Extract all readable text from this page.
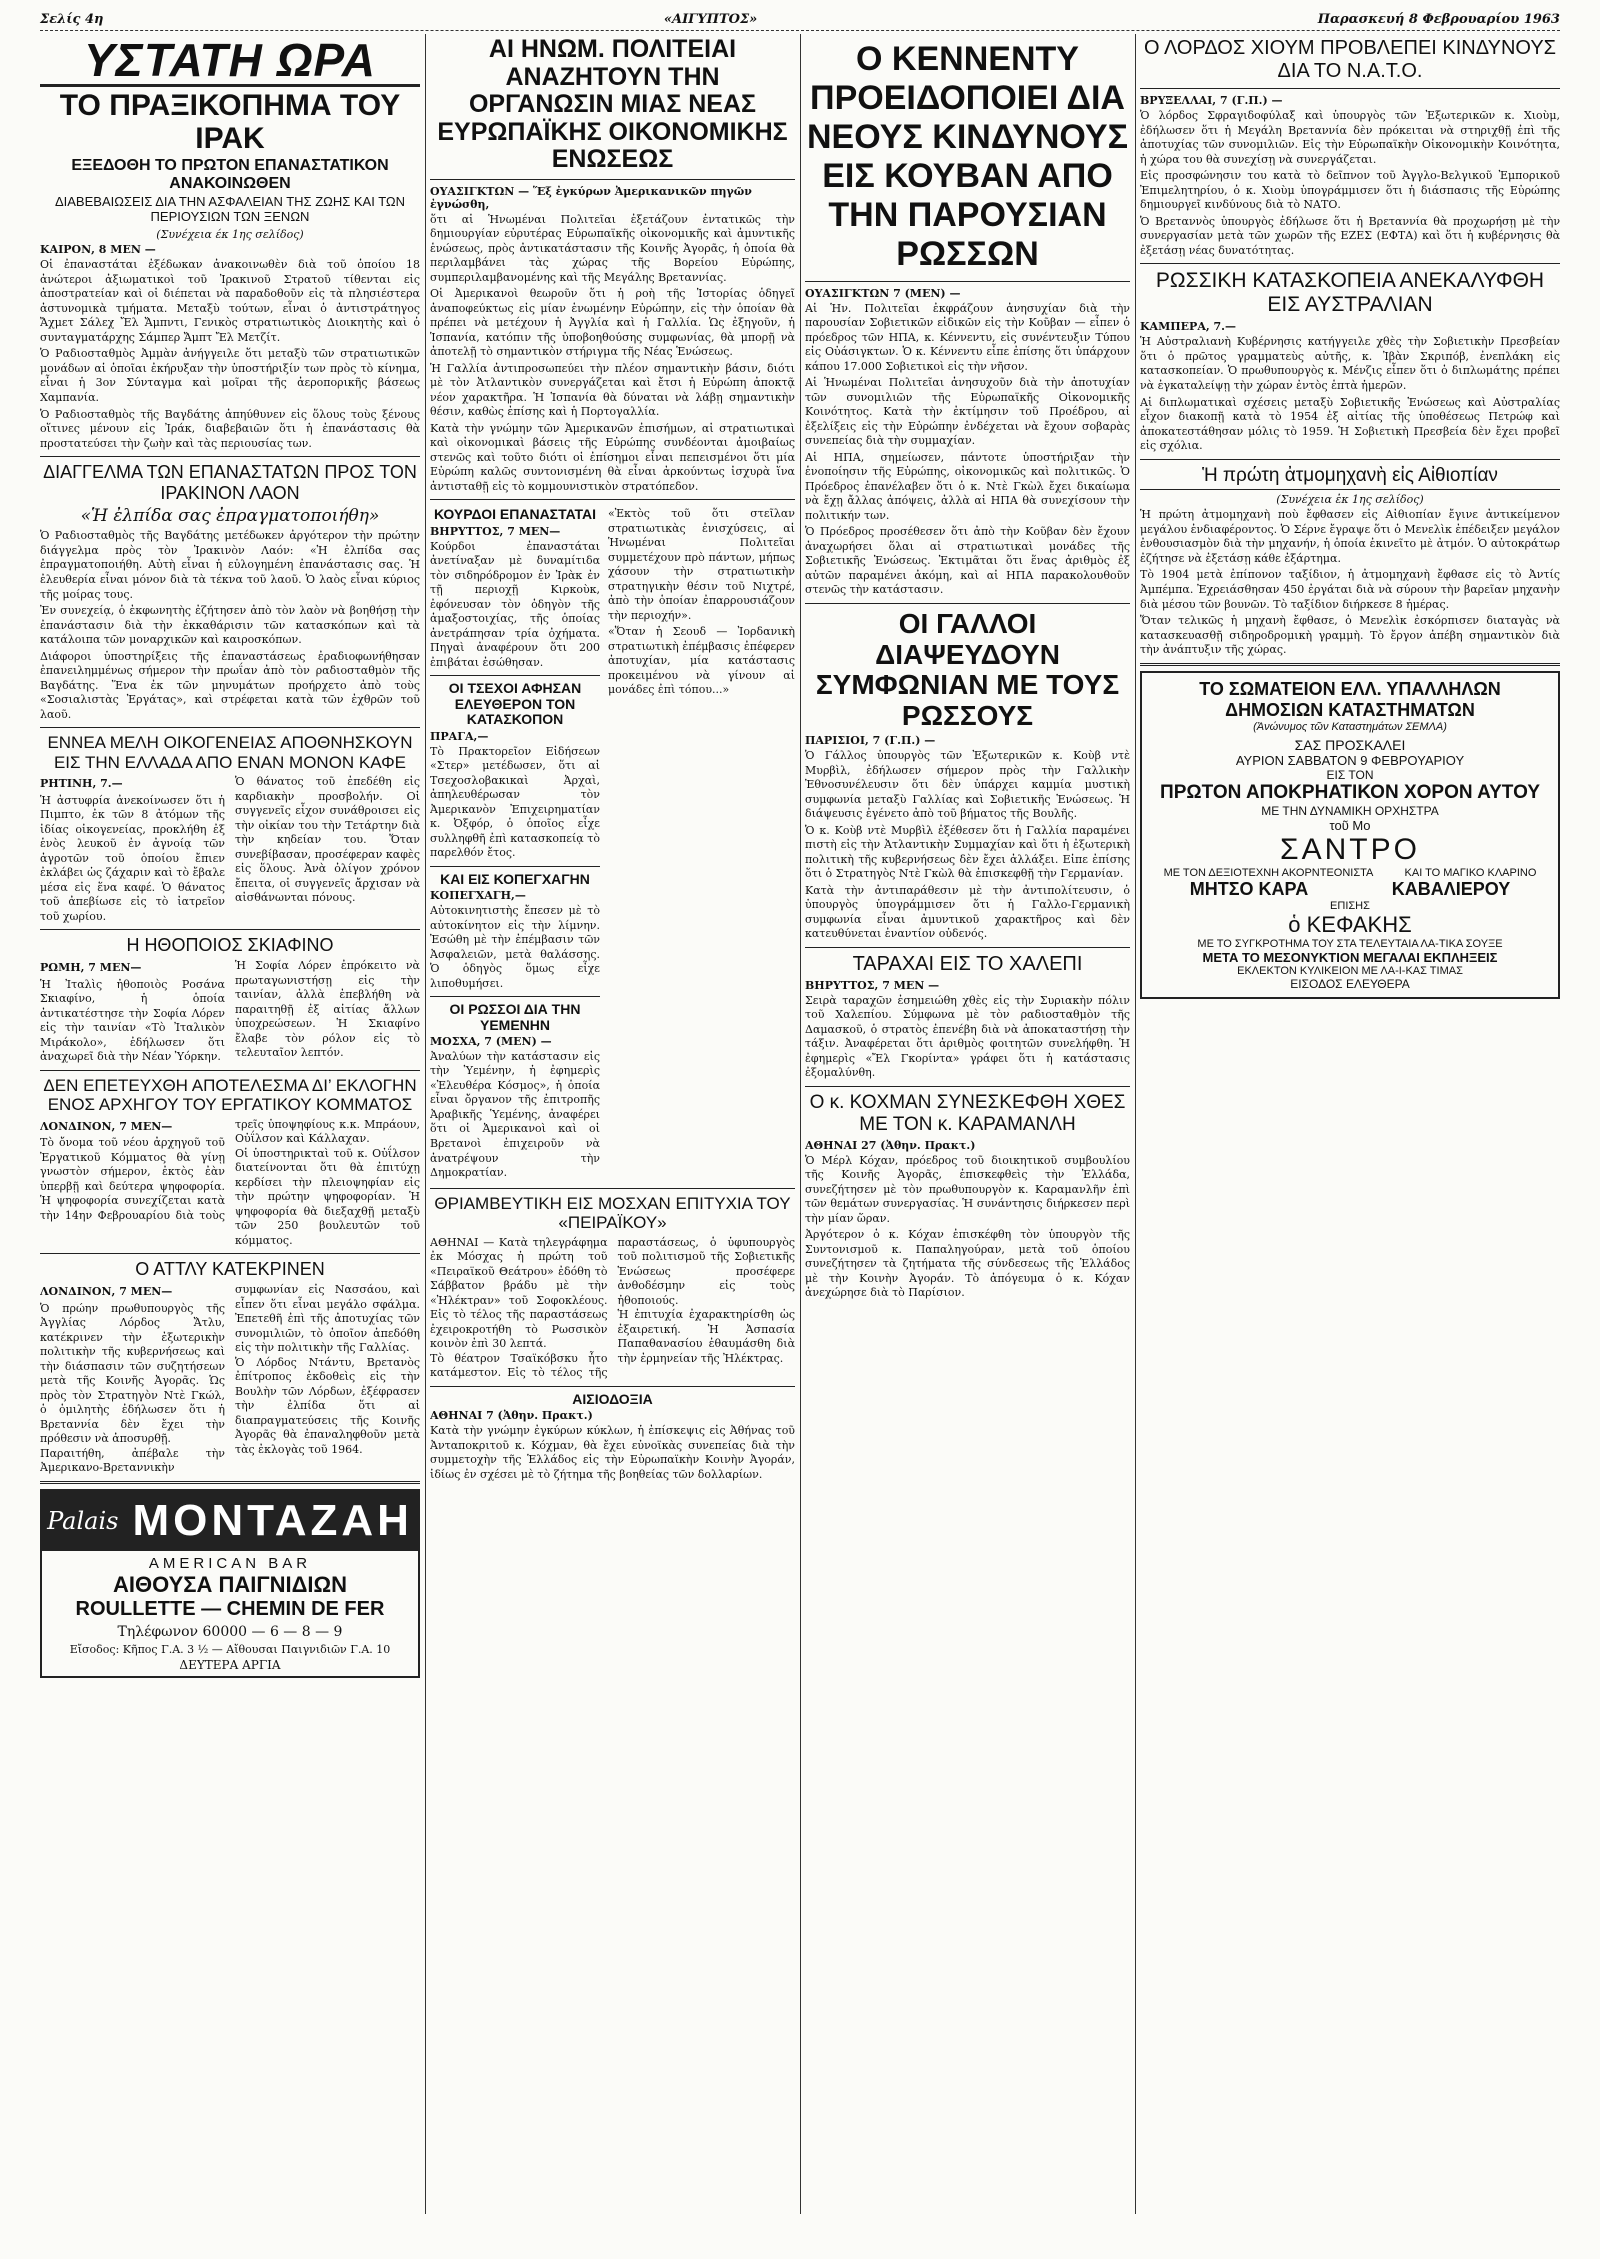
Σελίς 4η	«ΑΙΓΥΠΤΟΣ»	Παρασκευή 8 Φεβρουαρίου 1963
ΥΣΤΑΤΗ ΩΡΑ
ΤΟ ΠΡΑΞΙΚΟΠΗΜΑ ΤΟΥ ΙΡΑΚ
ΕΞΕΔΟΘΗ ΤΟ ΠΡΩΤΟΝ ΕΠΑΝΑΣΤΑΤΙΚΟΝ ΑΝΑΚΟΙΝΩΘΕΝ
ΔΙΑΒΕΒΑΙΩΣΕΙΣ ΔΙΑ ΤΗΝ ΑΣΦΑΛΕΙΑΝ ΤΗΣ ΖΩΗΣ ΚΑΙ ΤΩΝ ΠΕΡΙΟΥΣΙΩΝ ΤΩΝ ΞΕΝΩΝ
(Συνέχεια έκ 1ης σελίδος)
ΚΑΙΡΟΝ, 8 ΜΕΝ —

Οἱ ἐπαναστάται ἐξέδωκαν ἀνακοινωθὲν διὰ τοῦ ὁποίου 18 ἀνώτεροι ἀξιωματικοὶ τοῦ Ἰρακινοῦ Στρατοῦ τίθενται εἰς ἀποστρατείαν καὶ οἱ διέπεται νὰ παραδοθοῦν εἰς τὰ πλησιέστερα ἀστυνομικὰ τμήματα. Μεταξὺ τούτων, εἶναι ὁ ἀντιστράτηγος Ἄχμετ Σάλεχ Ἔλ Ἄμπντι, Γενικὸς στρατιωτικὸς Διοικητὴς καὶ ὁ συνταγματάρχης Σάμπερ Ἄμπτ Ἔλ Μετζίτ.

Ὁ Ραδιοσταθμὸς Ἀμμὰν ἀνήγγειλε ὅτι μεταξὺ τῶν στρατιωτικῶν μονάδων αἱ ὁποῖαι ἐκήρυξαν τὴν ὑποστήριξίν των πρὸς τὸ κίνημα, εἶναι ἡ 3ον Σύνταγμα καὶ μοῖραι τῆς ἀεροπορικῆς βάσεως Χαμπανία.

Ὁ Ραδιοσταθμὸς τῆς Βαγδάτης ἀπηύθυνεν εἰς ὅλους τοὺς ξένους οἵτινες μένουν εἰς Ἰράκ, διαβεβαιῶν ὅτι ἡ ἐπανάστασις θὰ προστατεύσει τὴν ζωὴν καὶ τὰς περιουσίας των.

ΔΙΑΓΓΕΛΜΑ ΤΩΝ ΕΠΑΝΑΣΤΑΤΩΝ ΠΡΟΣ ΤΟΝ ΙΡΑΚΙΝΟΝ ΛΑΟΝ
«Ἡ ἐλπίδα σας ἐπραγματοποιήθη»

Ὁ Ραδιοσταθμὸς τῆς Βαγδάτης μετέδωκεν ἀργότερον τὴν πρώτην διάγγελμα πρὸς τὸν Ἰρακινὸν Λαόν: «Ἡ ἐλπίδα σας ἐπραγματοποιήθη. Αὐτὴ εἶναι ἡ εὐλογημένη ἐπανάστασις σας. Ἡ ἐλευθερία εἶναι μόνον διὰ τὰ τέκνα τοῦ λαοῦ. Ὁ λαὸς εἶναι κύριος τῆς μοίρας τους.

Ἐν συνεχείᾳ, ὁ ἐκφωνητὴς ἐζήτησεν ἀπὸ τὸν λαὸν νὰ βοηθήσῃ τὴν ἐπανάστασιν διὰ τὴν ἐκκαθάρισιν τῶν κατασκόπων καὶ τὰ κατάλοιπα τῶν μοναρχικῶν καὶ καιροσκόπων.

Διάφοροι ὑποστηρίξεις τῆς ἐπαναστάσεως ἐραδιοφωνήθησαν ἐπανειλημμένως σήμερον τὴν πρωΐαν ἀπὸ τὸν ραδιοσταθμὸν τῆς Βαγδάτης. Ἕνα ἐκ τῶν μηνυμάτων προήρχετο ἀπὸ τοὺς «Σοσιαλιστὰς Ἐργάτας», καὶ στρέφεται κατὰ τῶν ἐχθρῶν τοῦ λαοῦ.

ΕΝΝΕΑ ΜΕΛΗ ΟΙΚΟΓΕΝΕΙΑΣ ΑΠΟΘΝΗΣΚΟΥΝ ΕΙΣ ΤΗΝ ΕΛΛΑΔΑ ΑΠΟ ΕΝΑΝ ΜΟΝΟΝ ΚΑΦΕ
ΡΗΤΙΝΗ, 7.—
Ἡ ἀστυφρία ἀνεκοίνωσεν ὅτι ἡ Πιμπτο, ἐκ τῶν 8 ἀτόμων τῆς ἰδίας οἰκογενείας, προκλήθη ἐξ ἑνὸς λευκοῦ ἐν ἀγνοίᾳ τῶν ἀγροτῶν τοῦ ὁποίου ἔπιεν ἐκλάβει ὡς ζάχαριν καὶ τὸ ἔβαλε μέσα εἰς ἕνα καφέ. Ὁ θάνατος τοῦ ἀπεβίωσε εἰς τὸ ἰατρεῖον τοῦ χωρίου.
Ὁ θάνατος τοῦ ἐπεδέθη εἰς καρδιακὴν προσβολήν. Οἱ συγγενεῖς εἶχον συνάθροισει εἰς τὴν οἰκίαν του τὴν Τετάρτην διὰ τὴν κηδείαν του. Ὅταν συνεβίβασαν, προσέφεραν καφὲς εἰς ὅλους. Ἀνὰ ὀλίγον χρόνον ἔπειτα, οἱ συγγενεῖς ἄρχισαν νὰ αἰσθάνωνται πόνους.
Η ΗΘΟΠΟΙΟΣ ΣΚΙΑΦΙΝΟ
ΡΩΜΗ, 7 ΜΕΝ—
Ἡ Ἰταλὶς ἠθοποιὸς Ροσάνα Σκιαφίνο, ἡ ὁποία ἀντικατέστησε τὴν Σοφία Λόρεν εἰς τὴν ταινίαν «Τὸ Ἰταλικὸν Μιράκολο», ἐδήλωσεν ὅτι ἀναχωρεῖ διὰ τὴν Νέαν Ὑόρκην.
Ἡ Σοφία Λόρεν ἐπρόκειτο νὰ πρωταγωνιστήσῃ εἰς τὴν ταινίαν, ἀλλὰ ἐπεβλήθη νὰ παραιτηθῇ ἐξ αἰτίας ἄλλων ὑποχρεώσεων. Ἡ Σκιαφίνο ἔλαβε τὸν ρόλον εἰς τὸ τελευταῖον λεπτόν.
ΔΕΝ ΕΠΕΤΕΥΧΘΗ ΑΠΟΤΕΛΕΣΜΑ ΔΙ’ ΕΚΛΟΓΗΝ ΕΝΟΣ ΑΡΧΗΓΟΥ ΤΟΥ ΕΡΓΑΤΙΚΟΥ ΚΟΜΜΑΤΟΣ
ΛΟΝΔΙΝΟΝ, 7 ΜΕΝ—
Τὸ ὄνομα τοῦ νέου ἀρχηγοῦ τοῦ Ἐργατικοῦ Κόμματος θὰ γίνῃ γνωστὸν σήμερον, ἐκτὸς ἐὰν ὑπερβῇ καὶ δεύτερα ψηφοφορία. Ἡ ψηφοφορία συνεχίζεται κατὰ τὴν 14ην Φεβρουαρίου διὰ τοὺς τρεῖς ὑποψηφίους κ.κ. Μπράουν, Οὐΐλσον καὶ Κάλλαχαν.
Οἱ ὑποστηρικταὶ τοῦ κ. Οὐΐλσον διατείνονται ὅτι θὰ ἐπιτύχῃ κερδίσει τὴν πλειοψηφίαν εἰς τὴν πρώτην ψηφοφορίαν. Ἡ ψηφοφορία θὰ διεξαχθῇ μεταξὺ τῶν 250 βουλευτῶν τοῦ κόμματος.
Ο ΑΤΤΛΥ ΚΑΤΕΚΡΙΝΕΝ
ΛΟΝΔΙΝΟΝ, 7 ΜΕΝ—
Ὁ πρώην πρωθυπουργὸς τῆς Ἀγγλίας Λόρδος Ἄτλυ, κατέκρινεν τὴν ἐξωτερικὴν πολιτικὴν τῆς κυβερνήσεως καὶ τὴν διάσπασιν τῶν συζητήσεων μετὰ τῆς Κοινῆς Ἀγορᾶς. Ὡς πρὸς τὸν Στρατηγὸν Ντὲ Γκώλ, ὁ ὁμιλητὴς ἐδήλωσεν ὅτι ἡ Βρεταννία δὲν ἔχει τὴν πρόθεσιν νὰ ἀποσυρθῇ.
Παραιτήθη, ἀπέβαλε τὴν Ἀμερικανο-Βρεταννικὴν συμφωνίαν εἰς Νασσάου, καὶ εἶπεν ὅτι εἶναι μεγάλο σφάλμα. Ἐπετεθῆ ἐπὶ τῆς ἀποτυχίας τῶν συνομιλιῶν, τὸ ὁποῖον ἀπεδόθη εἰς τὴν πολιτικὴν τῆς Γαλλίας.
Ὁ Λόρδος Ντάντυ, Βρετανὸς ἐπίτροπος ἐκδοθεὶς εἰς τὴν Βουλὴν τῶν Λόρδων, ἐξέφρασεν τὴν ἐλπίδα ὅτι αἱ διαπραγματεύσεις τῆς Κοινῆς Ἀγορᾶς θὰ ἐπαναληφθοῦν μετὰ τὰς ἐκλογὰς τοῦ 1964.
Palais ΜΟΝΤΑΖΑΗ
AMERICAN BAR
ΑΙΘΟΥΣΑ ΠΑΙΓΝΙΔΙΩΝ
ROULLETTE — CHEMIN DE FER
Τηλέφωνον 60000 — 6 — 8 — 9
Εἴσοδος: Κῆπος Γ.Α. 3 ½ — Αἴθουσαι Παιγνιδιῶν Γ.Α. 10
ΔΕΥΤΕΡΑ ΑΡΓΙΑ
ΑΙ ΗΝΩΜ. ΠΟΛΙΤΕΙΑΙ ΑΝΑΖΗΤΟΥΝ ΤΗΝ ΟΡΓΑΝΩΣΙΝ ΜΙΑΣ ΝΕΑΣ ΕΥΡΩΠΑΪΚΗΣ ΟΙΚΟΝΟΜΙΚΗΣ ΕΝΩΣΕΩΣ
ΟΥΑΣΙΓΚΤΩΝ — Ἕξ ἐγκύρων Ἀμερικανικῶν πηγῶν ἐγνώσθη,

ὅτι αἱ Ἡνωμέναι Πολιτεῖαι ἐξετάζουν ἐντατικῶς τὴν δημιουργίαν εὐρυτέρας Εὐρωπαϊκῆς οἰκονομικῆς καὶ ἀμυντικῆς ἑνώσεως, πρὸς ἀντικατάστασιν τῆς Κοινῆς Ἀγορᾶς, ἡ ὁποία θὰ περιλαμβάνει τὰς χώρας τῆς Βορείου Εὐρώπης, συμπεριλαμβανομένης καὶ τῆς Μεγάλης Βρεταννίας.

Οἱ Ἀμερικανοὶ θεωροῦν ὅτι ἡ ροὴ τῆς Ἱστορίας ὁδηγεῖ ἀναποφεύκτως εἰς μίαν ἑνωμένην Εὐρώπην, εἰς τὴν ὁποίαν θὰ πρέπει νὰ μετέχουν ἡ Ἀγγλία καὶ ἡ Γαλλία. Ὡς ἐξηγοῦν, ἡ Ἱσπανία, κατόπιν τῆς ὑποβοηθούσης συμφωνίας, θὰ μπορῇ νὰ ἀποτελῇ τὸ σημαντικὸν στήριγμα τῆς Νέας Ἑνώσεως.

Ἡ Γαλλία ἀντιπροσωπεύει τὴν πλέον σημαντικὴν βάσιν, διότι μὲ τὸν Ἀτλαντικὸν συνεργάζεται καὶ ἔτσι ἡ Εὐρώπη ἀποκτᾷ νέον χαρακτῆρα. Ἡ Ἱσπανία θὰ δύναται νὰ λάβῃ σημαντικὴν θέσιν, καθὼς ἐπίσης καὶ ἡ Πορτογαλλία.

Κατὰ τὴν γνώμην τῶν Ἀμερικανῶν ἐπισήμων, αἱ στρατιωτικαὶ καὶ οἰκονομικαὶ βάσεις τῆς Εὐρώπης συνδέονται ἀμοιβαίως στενῶς καὶ τοῦτο διότι οἱ ἐπίσημοι εἶναι πεπεισμένοι ὅτι μία Εὐρώπη καλῶς συντονισμένη θὰ εἶναι ἀρκούντως ἰσχυρὰ ἵνα ἀντισταθῇ εἰς τὸ κομμουνιστικὸν στρατόπεδον.

ΚΟΥΡΔΟΙ ΕΠΑΝΑΣΤΑΤΑΙ
ΒΗΡΥΤΤΟΣ, 7 ΜΕΝ—

Κούρδοι ἐπαναστάται ἀνετίναξαν μὲ δυναμίτιδα τὸν σιδηρόδρομον ἐν Ἰρὰκ ἐν τῇ περιοχῇ Κιρκοὺκ, ἐφόνευσαν τὸν ὁδηγὸν τῆς ἁμαξοστοιχίας, τῆς ὁποίας ἀνετράπησαν τρία ὀχήματα. Πηγαὶ ἀναφέρουν ὅτι 200 ἐπιβάται ἐσώθησαν.

ΟΙ ΤΣΕΧΟΙ ΑΦΗΣΑΝ ΕΛΕΥΘΕΡΟΝ ΤΟΝ ΚΑΤΑΣΚΟΠΟΝ
ΠΡΑΓΑ,—

Τὸ Πρακτορεῖον Εἰδήσεων «Στερ» μετέδωσεν, ὅτι αἱ Τσεχοσλοβακικαὶ Ἀρχαὶ, ἀπηλευθέρωσαν τὸν Ἀμερικανὸν Ἐπιχειρηματίαν κ. Ὀξφόρ, ὁ ὁποῖος εἶχε συλληφθῆ ἐπὶ κατασκοπείᾳ τὸ παρελθόν ἔτος.

ΚΑΙ ΕΙΣ ΚΟΠΕΓΧΑΓΗΝ
ΚΟΠΕΓΧΑΓΗ,—

Αὐτοκινητιστὴς ἔπεσεν μὲ τὸ αὐτοκίνητον εἰς τὴν λίμνην. Ἐσώθη μὲ τὴν ἐπέμβασιν τῶν Ἀσφαλειῶν, μετὰ θαλάσσης. Ὁ ὁδηγὸς ὅμως εἶχε λιποθυμήσει.

ΟΙ ΡΩΣΣΟΙ ΔΙΑ ΤΗΝ ΥΕΜΕΝΗΝ
ΜΟΣΧΑ, 7 (ΜΕΝ) —

Ἀναλύων τὴν κατάστασιν εἰς τὴν Ὑεμένην, ἡ ἐφημερὶς «Ἐλευθέρα Κόσμος», ἡ ὁποία εἶναι ὄργανον τῆς ἐπιτροπῆς Ἀραβικῆς Ὑεμένης, ἀναφέρει ὅτι οἱ Ἀμερικανοὶ καὶ οἱ Βρετανοὶ ἐπιχειροῦν νὰ ἀνατρέψουν τὴν Δημοκρατίαν.

«Ἐκτὸς τοῦ ὅτι στεῖλαν στρατιωτικὰς ἐνισχύσεις, αἱ Ἡνωμέναι Πολιτεῖαι συμμετέχουν πρὸ πάντων, μήπως χάσουν τὴν στρατιωτικὴν στρατηγικὴν θέσιν τοῦ Νιχτρέ, ἀπὸ τὴν ὁποίαν ἐπαρρουσιάζουν τὴν περιοχήν».

«Ὅταν ἡ Σεουδ — Ἰορδανικὴ στρατιωτικὴ ἐπέμβασις ἐπέφερεν ἀποτυχίαν, μία κατάστασις προκειμένου νὰ γίνουν αἱ μονάδες ἐπὶ τόπου...»

ΘΡΙΑΜΒΕΥΤΙΚΗ ΕΙΣ ΜΟΣΧΑΝ ΕΠΙΤΥΧΙΑ ΤΟΥ «ΠΕΙΡΑΪΚΟΥ»
ΑΘΗΝΑΙ — Κατὰ τηλεγράφημα ἐκ Μόσχας ἡ πρώτη τοῦ «Πειραϊκοῦ Θεάτρου» ἐδόθη τὸ Σάββατον βράδυ μὲ τὴν «Ἠλέκτραν» τοῦ Σοφοκλέους. Εἰς τὸ τέλος τῆς παραστάσεως ἐχειροκροτήθη τὸ Ρωσσικὸν κοινὸν ἐπὶ 30 λεπτά.
Τὸ θέατρον Τσαϊκόβσκυ ἦτο κατάμεστον. Εἰς τὸ τέλος τῆς παραστάσεως, ὁ ὑφυπουργὸς τοῦ πολιτισμοῦ τῆς Σοβιετικῆς Ἑνώσεως προσέφερε ἀνθοδέσμην εἰς τοὺς ἠθοποιούς.
Ἡ ἐπιτυχία ἐχαρακτηρίσθη ὡς ἐξαιρετική. Ἡ Ἀσπασία Παπαθανασίου ἐθαυμάσθη διὰ τὴν ἐρμηνείαν τῆς Ἠλέκτρας.
ΑΙΣΙΟΔΟΞΙΑ
ΑΘΗΝΑΙ 7 (Ἀθην. Πρακτ.)

Κατὰ τὴν γνώμην ἐγκύρων κύκλων, ἡ ἐπίσκεψις εἰς Ἀθήνας τοῦ Ἀνταποκριτοῦ κ. Κόχμαν, θὰ ἔχει εὐνοϊκὰς συνεπείας διὰ τὴν συμμετοχὴν τῆς Ἑλλάδος εἰς τὴν Εὐρωπαϊκὴν Κοινὴν Ἀγοράν, ἰδίως ἐν σχέσει μὲ τὸ ζήτημα τῆς βοηθείας τῶν δολλαρίων.

Ο ΚΕΝΝΕΝΤΥ ΠΡΟΕΙΔΟΠΟΙΕΙ ΔΙΑ ΝΕΟΥΣ ΚΙΝΔΥΝΟΥΣ ΕΙΣ ΚΟΥΒΑΝ ΑΠΟ ΤΗΝ ΠΑΡΟΥΣΙΑΝ ΡΩΣΣΩΝ
ΟΥΑΣΙΓΚΤΩΝ 7 (ΜΕΝ) —

Αἱ Ἡν. Πολιτεῖαι ἐκφράζουν ἀνησυχίαν διὰ τὴν παρουσίαν Σοβιετικῶν εἰδικῶν εἰς τὴν Κοῦβαν — εἶπεν ὁ πρόεδρος τῶν ΗΠΑ, κ. Κέννεντυ, εἰς συνέντευξιν Τύπου εἰς Οὐάσιγκτων. Ὁ κ. Κέννεντυ εἶπε ἐπίσης ὅτι ὑπάρχουν κάπου 17.000 Σοβιετικοὶ εἰς τὴν νῆσον.

Αἱ Ἡνωμέναι Πολιτεῖαι ἀνησυχοῦν διὰ τὴν ἀποτυχίαν τῶν συνομιλιῶν τῆς Εὐρωπαϊκῆς Οἰκονομικῆς Κοινότητος. Κατὰ τὴν ἐκτίμησιν τοῦ Προέδρου, αἱ ἐξελίξεις εἰς τὴν Εὐρώπην ἐνδέχεται νὰ ἔχουν σοβαρὰς συνεπείας διὰ τὴν συμμαχίαν.

Αἱ ΗΠΑ, σημείωσεν, πάντοτε ὑποστήριξαν τὴν ἑνοποίησιν τῆς Εὐρώπης, οἰκονομικῶς καὶ πολιτικῶς. Ὁ Πρόεδρος ἐπανέλαβεν ὅτι ὁ κ. Ντὲ Γκὼλ ἔχει δικαίωμα νὰ ἔχῃ ἄλλας ἀπόψεις, ἀλλὰ αἱ ΗΠΑ θὰ συνεχίσουν τὴν πολιτικήν των.

Ὁ Πρόεδρος προσέθεσεν ὅτι ἀπὸ τὴν Κοῦβαν δὲν ἔχουν ἀναχωρήσει ὅλαι αἱ στρατιωτικαὶ μονάδες τῆς Σοβιετικῆς Ἑνώσεως. Ἐκτιμᾶται ὅτι ἕνας ἀριθμὸς ἐξ αὐτῶν παραμένει ἀκόμη, καὶ αἱ ΗΠΑ παρακολουθοῦν στενῶς τὴν κατάστασιν.

ΟΙ ΓΑΛΛΟΙ ΔΙΑΨΕΥΔΟΥΝ ΣΥΜΦΩΝΙΑΝ ΜΕ ΤΟΥΣ ΡΩΣΣΟΥΣ
ΠΑΡΙΣΙΟΙ, 7 (Γ.Π.) —

Ὁ Γάλλος ὑπουργὸς τῶν Ἐξωτερικῶν κ. Κοὺβ ντὲ Μυρβὶλ, ἐδήλωσεν σήμερον πρὸς τὴν Γαλλικὴν Ἐθνοσυνέλευσιν ὅτι δὲν ὑπάρχει καμμία μυστικὴ συμφωνία μεταξὺ Γαλλίας καὶ Σοβιετικῆς Ἑνώσεως. Ἡ διάψευσις ἐγένετο ἀπὸ τοῦ βήματος τῆς Βουλῆς.

Ὁ κ. Κοὺβ ντὲ Μυρβὶλ ἐξέθεσεν ὅτι ἡ Γαλλία παραμένει πιστὴ εἰς τὴν Ἀτλαντικὴν Συμμαχίαν καὶ ὅτι ἡ ἐξωτερικὴ πολιτικὴ τῆς κυβερνήσεως δὲν ἔχει ἀλλάξει. Εἰπε ἐπίσης ὅτι ὁ Στρατηγὸς Ντὲ Γκὼλ θὰ ἐπισκεφθῇ τὴν Γερμανίαν.

Κατὰ τὴν ἀντιπαράθεσιν μὲ τὴν ἀντιπολίτευσιν, ὁ ὑπουργὸς ὑπογράμμισεν ὅτι ἡ Γαλλο-Γερμανικὴ συμφωνία εἶναι ἀμυντικοῦ χαρακτῆρος καὶ δὲν κατευθύνεται ἐναντίον οὐδενός.

ΤΑΡΑΧΑΙ ΕΙΣ ΤΟ ΧΑΛΕΠΙ
ΒΗΡΥΤΤΟΣ, 7 ΜΕΝ —

Σειρὰ ταραχῶν ἐσημειώθη χθὲς εἰς τὴν Συριακὴν πόλιν τοῦ Χαλεπίου. Σύμφωνα μὲ τὸν ραδιοσταθμὸν τῆς Δαμασκοῦ, ὁ στρατὸς ἐπενέβη διὰ νὰ ἀποκαταστήσῃ τὴν τάξιν. Ἀναφέρεται ὅτι ἀριθμὸς φοιτητῶν συνελήφθη. Ἡ ἐφημερὶς «Ἔλ Γκορίντα» γράφει ὅτι ἡ κατάστασις ἐξομαλύνθη.

Ο κ. ΚΟΧΜΑΝ ΣΥΝΕΣΚΕΦΘΗ ΧΘΕΣ ΜΕ ΤΟΝ κ. ΚΑΡΑΜΑΝΛΗ
ΑΘΗΝΑΙ 27 (Ἀθην. Πρακτ.)

Ὁ Μέρλ Κόχαν, πρόεδρος τοῦ διοικητικοῦ συμβουλίου τῆς Κοινῆς Ἀγορᾶς, ἐπισκεφθεὶς τὴν Ἑλλάδα, συνεζήτησεν μὲ τὸν πρωθυπουργὸν κ. Καραμανλῆν ἐπὶ τῶν θεμάτων συνεργασίας. Ἡ συνάντησις διήρκεσεν περὶ τὴν μίαν ὥραν.

Ἀργότερον ὁ κ. Κόχαν ἐπισκέφθη τὸν ὑπουργὸν τῆς Συντονισμοῦ κ. Παπαληγούραν, μετὰ τοῦ ὁποίου συνεζήτησεν τὰ ζητήματα τῆς σύνδεσεως τῆς Ἑλλάδος μὲ τὴν Κοινὴν Ἀγοράν. Τὸ ἀπόγευμα ὁ κ. Κόχαν ἀνεχώρησε διὰ τὸ Παρίσιον.

Ο ΛΟΡΔΟΣ ΧΙΟΥΜ ΠΡΟΒΛΕΠΕΙ ΚΙΝΔΥΝΟΥΣ ΔΙΑ ΤΟ Ν.Α.Τ.Ο.
ΒΡΥΞΕΛΛΑΙ, 7 (Γ.Π.) —

Ὁ λόρδος Σφραγιδοφύλαξ καὶ ὑπουργὸς τῶν Ἐξωτερικῶν κ. Χιοὺμ, ἐδήλωσεν ὅτι ἡ Μεγάλη Βρεταννία δὲν πρόκειται νὰ στηριχθῇ ἐπὶ τῆς ἀποτυχίας τῶν συνομιλιῶν. Εἰς τὴν Εὐρωπαϊκὴν Οἰκονομικὴν Κοινότητα, ἡ χώρα του θὰ συνεχίσῃ νὰ συνεργάζεται.

Εἰς προσφώνησιν του κατὰ τὸ δεῖπνον τοῦ Ἀγγλο-Βελγικοῦ Ἐμπορικοῦ Ἐπιμελητηρίου, ὁ κ. Χιοὺμ ὑπογράμμισεν ὅτι ἡ διάσπασις τῆς Εὐρώπης δημιουργεῖ κινδύνους διὰ τὸ ΝΑΤΟ.

Ὁ Βρεταννὸς ὑπουργὸς ἐδήλωσε ὅτι ἡ Βρεταννία θὰ προχωρήσῃ μὲ τὴν συνεργασίαν μετὰ τῶν χωρῶν τῆς ΕΖΕΣ (ΕΦΤΑ) καὶ ὅτι ἡ κυβέρνησις θὰ ἐξετάσῃ νέας δυνατότητας.

ΡΩΣΣΙΚΗ ΚΑΤΑΣΚΟΠΕΙΑ ΑΝΕΚΑΛΥΦΘΗ ΕΙΣ ΑΥΣΤΡΑΛΙΑΝ
ΚΑΜΠΕΡΑ, 7.—

Ἡ Αὐστραλιανὴ Κυβέρνησις κατήγγειλε χθὲς τὴν Σοβιετικὴν Πρεσβείαν ὅτι ὁ πρῶτος γραμματεὺς αὐτῆς, κ. Ἰβὰν Σκριπόβ, ἐνεπλάκη εἰς κατασκοπείαν. Ὁ πρωθυπουργὸς κ. Μένζις εἶπεν ὅτι ὁ διπλωμάτης πρέπει νὰ ἐγκαταλείψῃ τὴν χώραν ἐντὸς ἑπτὰ ἡμερῶν.

Αἱ διπλωματικαὶ σχέσεις μεταξὺ Σοβιετικῆς Ἑνώσεως καὶ Αὐστραλίας εἶχον διακοπῇ κατὰ τὸ 1954 ἐξ αἰτίας τῆς ὑποθέσεως Πετρώφ καὶ ἀποκατεστάθησαν μόλις τὸ 1959. Ἡ Σοβιετικὴ Πρεσβεία δὲν ἔχει προβεῖ εἰς σχόλια.

Ἡ πρώτη ἀτμομηχανὴ εἰς Αἰθιοπίαν
(Συνέχεια ἐκ 1ης σελίδος)

Ἡ πρώτη ἀτμομηχανὴ ποὺ ἔφθασεν εἰς Αἰθιοπίαν ἔγινε ἀντικείμενον μεγάλου ἐνδιαφέροντος. Ὁ Σέρνε ἔγραψε ὅτι ὁ Μενελὶκ ἐπέδειξεν μεγάλον ἐνθουσιασμὸν διὰ τὴν μηχανήν, ἡ ὁποία ἐκινεῖτο μὲ ἀτμόν. Ὁ αὐτοκράτωρ ἐζήτησε νὰ ἐξετάσῃ κάθε ἐξάρτημα.

Τὸ 1904 μετὰ ἐπίπονον ταξίδιον, ἡ ἀτμομηχανὴ ἔφθασε εἰς τὸ Ἀντίς Ἀμπέμπα. Ἐχρειάσθησαν 450 ἐργάται διὰ νὰ σύρουν τὴν βαρεῖαν μηχανὴν διὰ μέσου τῶν βουνῶν. Τὸ ταξίδιον διήρκεσε 8 ἡμέρας.

Ὅταν τελικῶς ἡ μηχανὴ ἔφθασε, ὁ Μενελὶκ ἐσκόρπισεν διαταγὰς νὰ κατασκευασθῇ σιδηροδρομικὴ γραμμὴ. Τὸ ἔργον ἀπέβη σημαντικὸν διὰ τὴν ἀνάπτυξιν τῆς χώρας.

ΤΟ ΣΩΜΑΤΕΙΟΝ ΕΛΛ. ΥΠΑΛΛΗΛΩΝ
ΔΗΜΟΣΙΩΝ ΚΑΤΑΣΤΗΜΑΤΩΝ
(Ἀνώνυμος τῶν Καταστημάτων ΣΕΜΛΑ)
ΣΑΣ ΠΡΟΣΚΑΛΕΙ
ΑΥΡΙΟΝ ΣΑΒΒΑΤΟΝ 9 ΦΕΒΡΟΥΑΡΙΟΥ
ΕΙΣ ΤΟΝ
ΠΡΩΤΟΝ ΑΠΟΚΡΗΑΤΙΚΟΝ ΧΟΡΟΝ ΑΥΤΟΥ
ΜΕ ΤΗΝ ΔΥΝΑΜΙΚΗ ΟΡΧΗΣΤΡΑ
τοῦ Μο
ΣΑΝΤΡΟ
ΜΕ ΤΟΝ ΔΕΞΙΟΤΕΧΝΗ ΑΚΟΡΝΤΕΟΝΙΣΤΑ	ΚΑΙ ΤΟ ΜΑΓΙΚΟ ΚΛΑΡΙΝΟ
ΜΗΤΣΟ ΚΑΡΑ	ΚΑΒΑΛΙΕΡΟΥ
ΕΠΙΣΗΣ
ὁ ΚΕΦΑΚΗΣ
ΜΕ ΤΟ ΣΥΓΚΡΟΤΗΜΑ ΤΟΥ ΣΤΑ ΤΕΛΕΥΤΑΙΑ ΛΑ-ΤΙΚΑ ΣΟΥΞΕ
ΜΕΤΑ ΤΟ ΜΕΣΟΝΥΚΤΙΟΝ ΜΕΓΑΛΑΙ ΕΚΠΛΗΞΕΙΣ
ΕΚΛΕΚΤΟΝ ΚΥΛΙΚΕΙΟΝ ΜΕ ΛΑ-Ι-ΚΑΣ ΤΙΜΑΣ
ΕΙΣΟΔΟΣ ΕΛΕΥΘΕΡΑ
